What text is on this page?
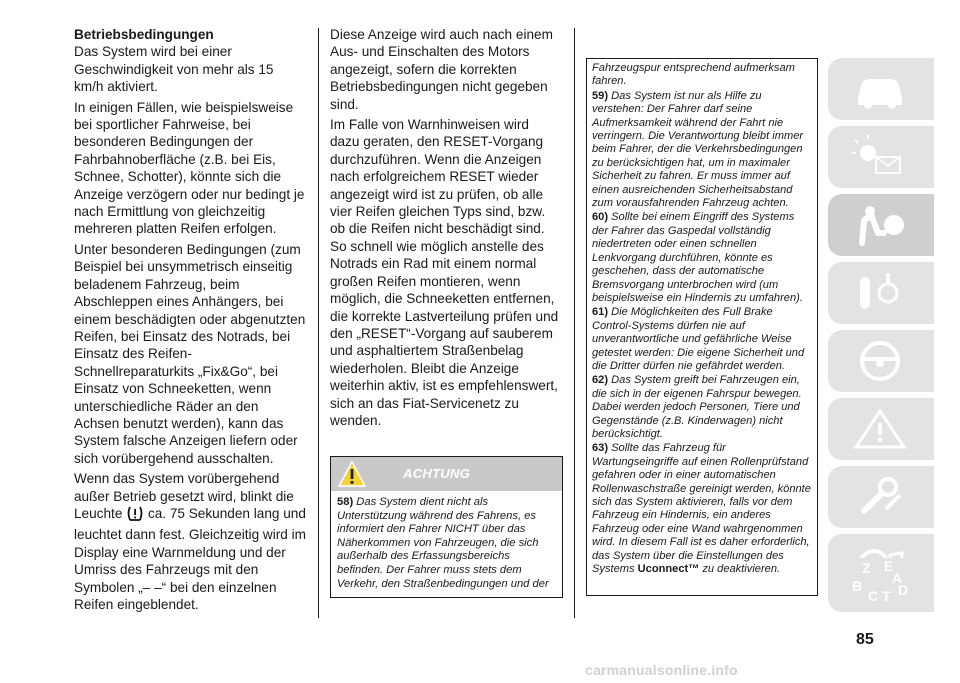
Betriebsbedingungen

Das System wird bei einer Geschwindigkeit von mehr als 15 km/h aktiviert.

In einigen Fällen, wie beispielsweise bei sportlicher Fahrweise, bei besonderen Bedingungen der Fahrbahnoberfläche (z.B. bei Eis, Schnee, Schotter), könnte sich die Anzeige verzögern oder nur bedingt je nach Ermittlung von gleichzeitig mehreren platten Reifen erfolgen.

Unter besonderen Bedingungen (zum Beispiel bei unsymmetrisch einseitig beladenem Fahrzeug, beim Abschleppen eines Anhängers, bei einem beschädigten oder abgenutzten Reifen, bei Einsatz des Notrads, bei Einsatz des Reifen-Schnellreparaturkits „Fix&Go“, bei Einsatz von Schneeketten, wenn unterschiedliche Räder an den Achsen benutzt werden), kann das System falsche Anzeigen liefern oder sich vorübergehend ausschalten.

Wenn das System vorübergehend außer Betrieb gesetzt wird, blinkt die Leuchte ca. 75 Sekunden lang und leuchtet dann fest. Gleichzeitig wird im Display eine Warnmeldung und der Umriss des Fahrzeugs mit den Symbolen „– –“ bei den einzelnen Reifen eingeblendet.

Diese Anzeige wird auch nach einem Aus- und Einschalten des Motors angezeigt, sofern die korrekten Betriebsbedingungen nicht gegeben sind.

Im Falle von Warnhinweisen wird dazu geraten, den RESET-Vorgang durchzuführen. Wenn die Anzeigen nach erfolgreichem RESET wieder angezeigt wird ist zu prüfen, ob alle vier Reifen gleichen Typs sind, bzw. ob die Reifen nicht beschädigt sind. So schnell wie möglich anstelle des Notrads ein Rad mit einem normal großen Reifen montieren, wenn möglich, die Schneeketten entfernen, die korrekte Lastverteilung prüfen und den „RESET“-Vorgang auf sauberem und asphaltiertem Straßenbelag wiederholen. Bleibt die Anzeige weiterhin aktiv, ist es empfehlenswert, sich an das Fiat-Servicenetz zu wenden.

ACHTUNG
58) Das System dient nicht als Unterstützung während des Fahrens, es informiert den Fahrer NICHT über das Näherkommen von Fahrzeugen, die sich außerhalb des Erfassungsbereichs befinden. Der Fahrer muss stets dem Verkehr, den Straßenbedingungen und der

Fahrzeugspur entsprechend aufmerksam fahren.

59) Das System ist nur als Hilfe zu verstehen: Der Fahrer darf seine Aufmerksamkeit während der Fahrt nie verringern. Die Verantwortung bleibt immer beim Fahrer, der die Verkehrsbedingungen zu berücksichtigen hat, um in maximaler Sicherheit zu fahren. Er muss immer auf einen ausreichenden Sicherheitsabstand zum vorausfahrenden Fahrzeug achten.

60) Sollte bei einem Eingriff des Systems der Fahrer das Gaspedal vollständig niedertreten oder einen schnellen Lenkvorgang durchführen, könnte es geschehen, dass der automatische Bremsvorgang unterbrochen wird (um beispielsweise ein Hindernis zu umfahren).

61) Die Möglichkeiten des Full Brake Control-Systems dürfen nie auf unverantwortliche und gefährliche Weise getestet werden: Die eigene Sicherheit und die Dritter dürfen nie gefährdet werden.

62) Das System greift bei Fahrzeugen ein, die sich in der eigenen Fahrspur bewegen. Dabei werden jedoch Personen, Tiere und Gegenstände (z.B. Kinderwagen) nicht berücksichtigt.

63) Sollte das Fahrzeug für Wartungseingriffe auf einen Rollenprüfstand gefahren oder in einer automatischen Rollenwaschstraße gereinigt werden, könnte sich das System aktivieren, falls vor dem Fahrzeug ein Hindernis, ein anderes Fahrzeug oder eine Wand wahrgenommen wird. In diesem Fall ist es daher erforderlich, das System über die Einstellungen des Systems Uconnect™ zu deaktivieren.	Z E
B
C T D
A
85
carmanualsonline.info
